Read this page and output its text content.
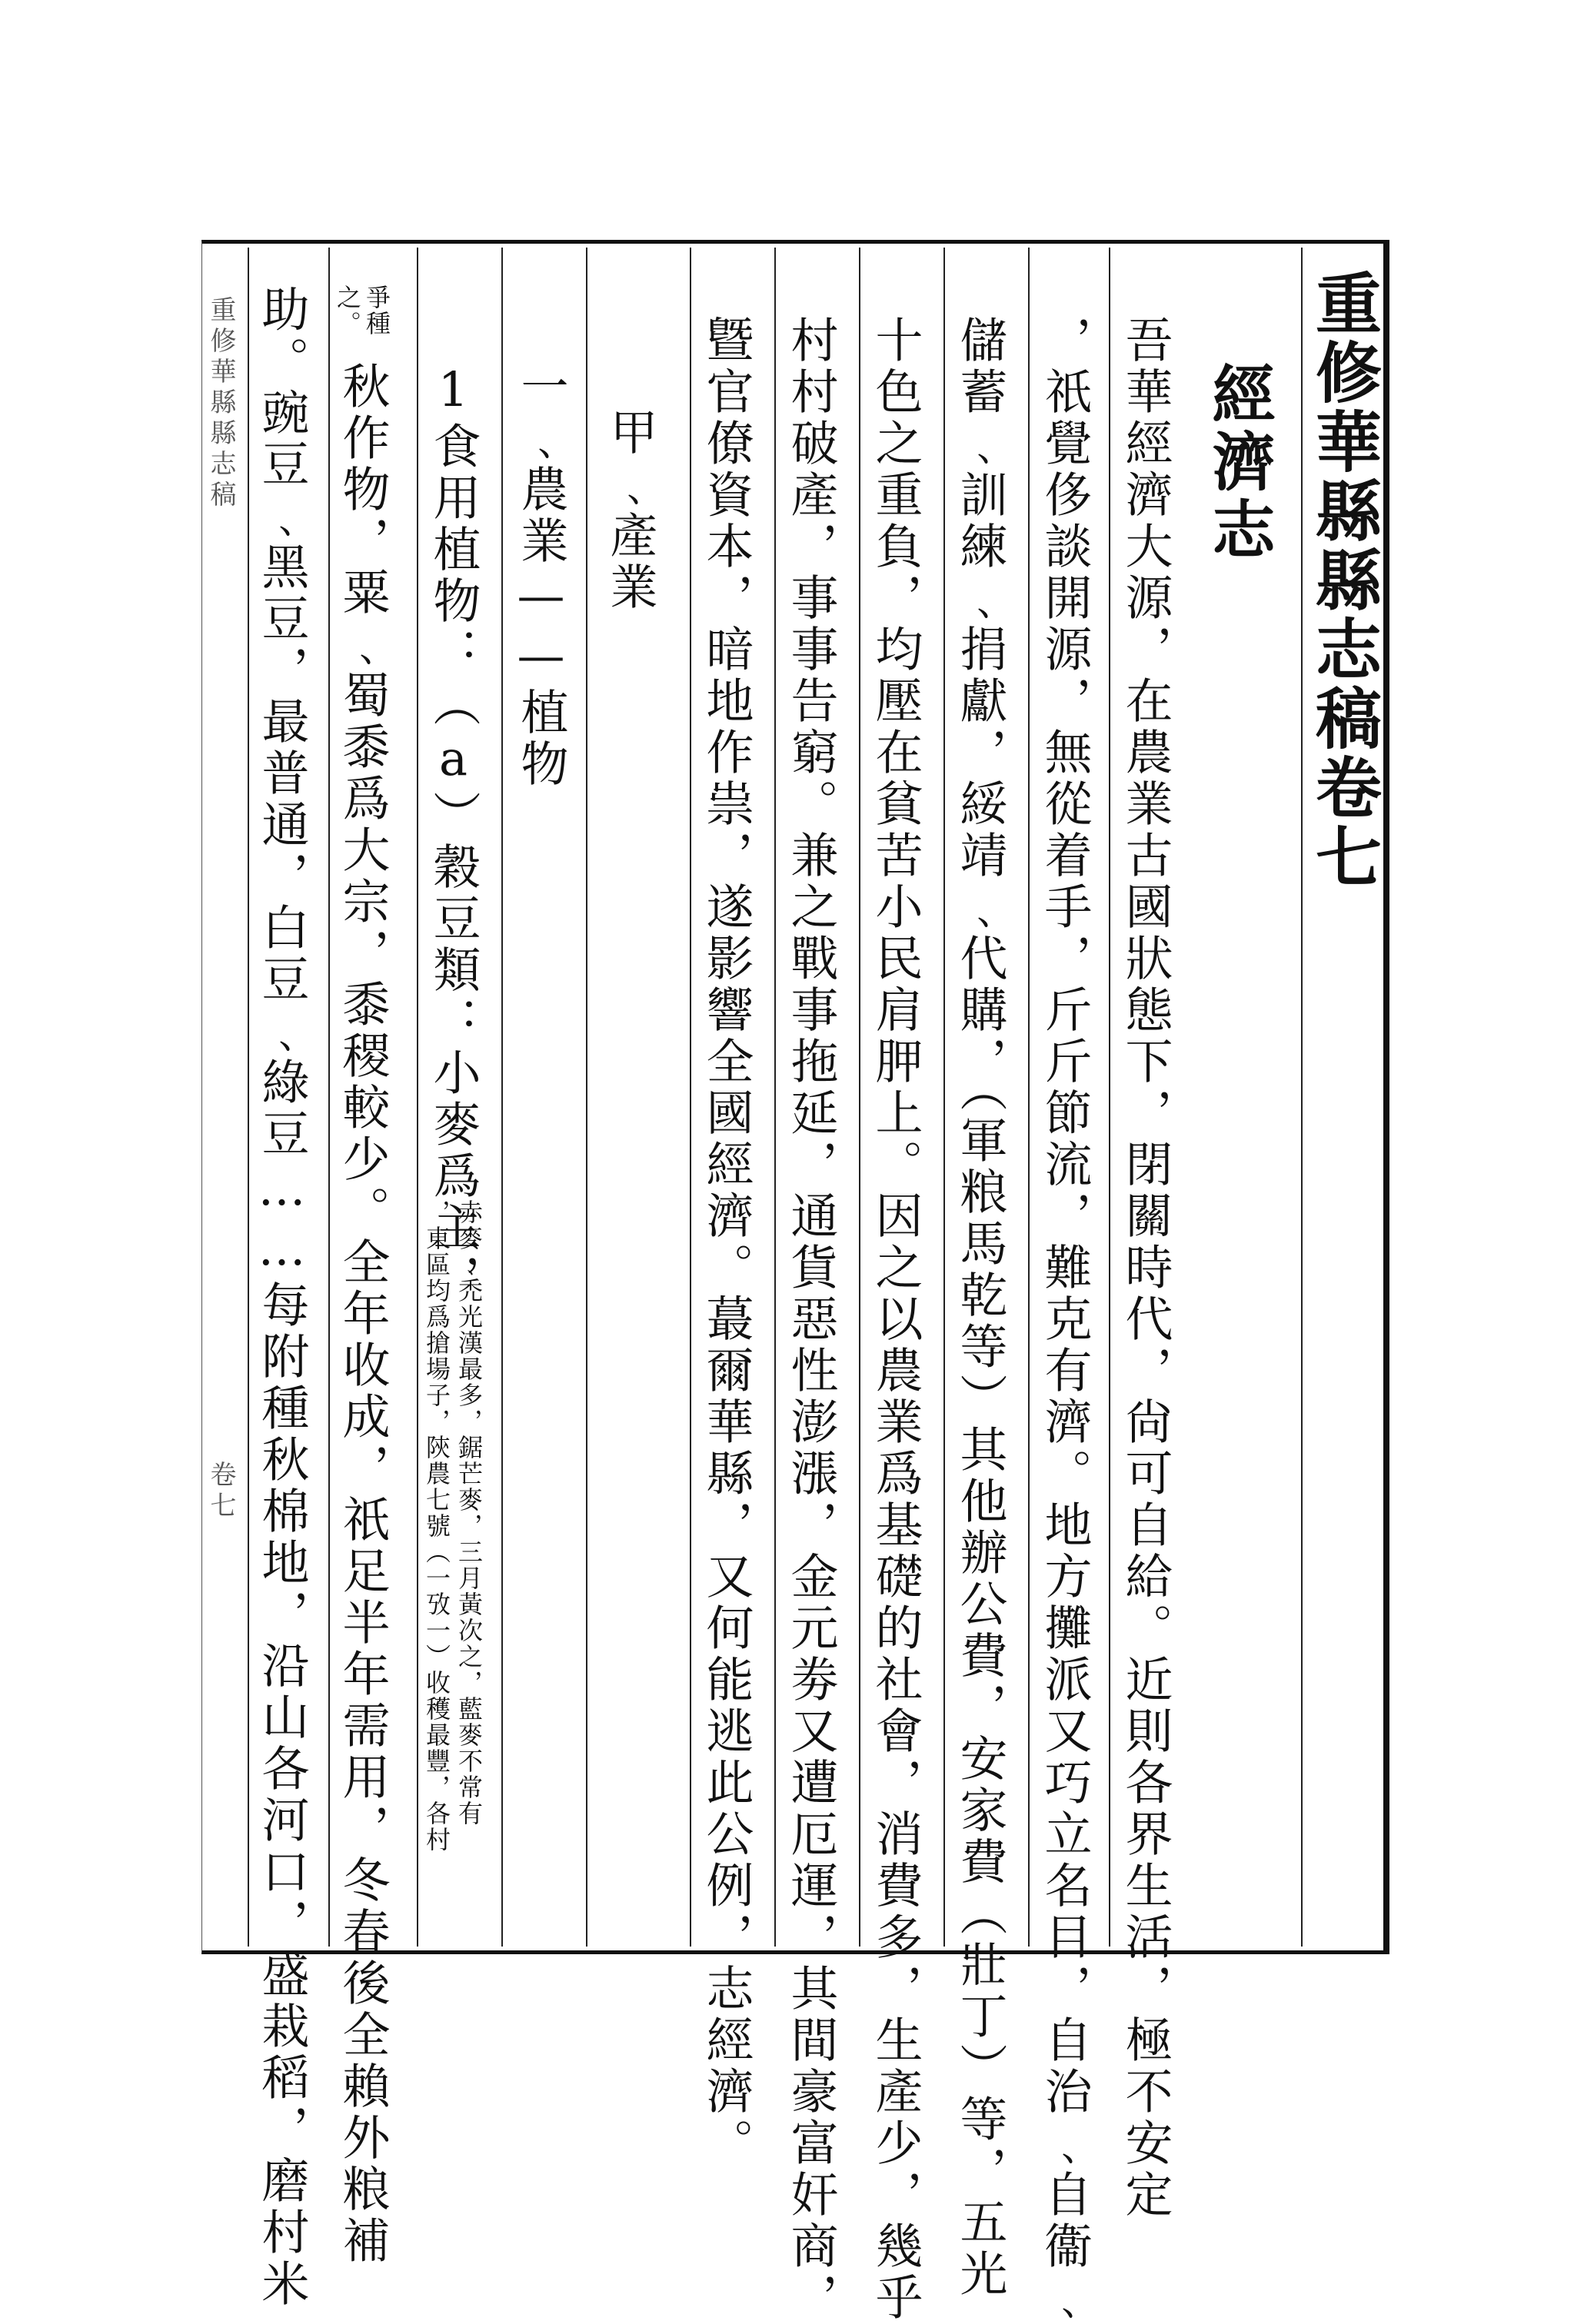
重修華縣縣志稿卷七
經濟志
吾華經濟大源，在農業古國狀態下，閉關時代，尙可自給。近則各界生活，極不安定
，祇覺侈談開源，無從着手，斤斤節流，難克有濟。地方攤派又巧立名目，自治﹑自衞﹑
儲蓄﹑訓練﹑捐獻，綏靖﹑代購，（軍粮馬乾等）其他辦公費，安家費（壯丁）等，五光
十色之重負，均壓在貧苦小民肩胛上。因之以農業爲基礎的社會，消費多，生產少，幾乎
村村破產，事事告窮。兼之戰事拖延，通貨惡性澎漲，金元劵又遭厄運，其間豪富奸商，
曁官僚資本，暗地作祟，遂影響全國經濟。蕞爾華縣，又何能逃此公例，志經濟。
甲﹑產業
一﹑農業——植物
1食用植物：（a）穀豆類：小麥爲主，
赤麥﹑禿光漢最多，鋸芒麥，三月黃次之，藍麥不常有
，東區均爲搶場子，陝農七號（一攷一）收穫最豐，各村
爭種
之。
秋作物，粟﹑蜀黍爲大宗，黍稷較少。全年收成，祇足半年需用，冬春後全賴外粮補
助。豌豆﹑黑豆，最普通，白豆﹑綠豆……每附種秋棉地，沿山各河口，盛栽稻，磨村米
重修華縣縣志稿
卷七
